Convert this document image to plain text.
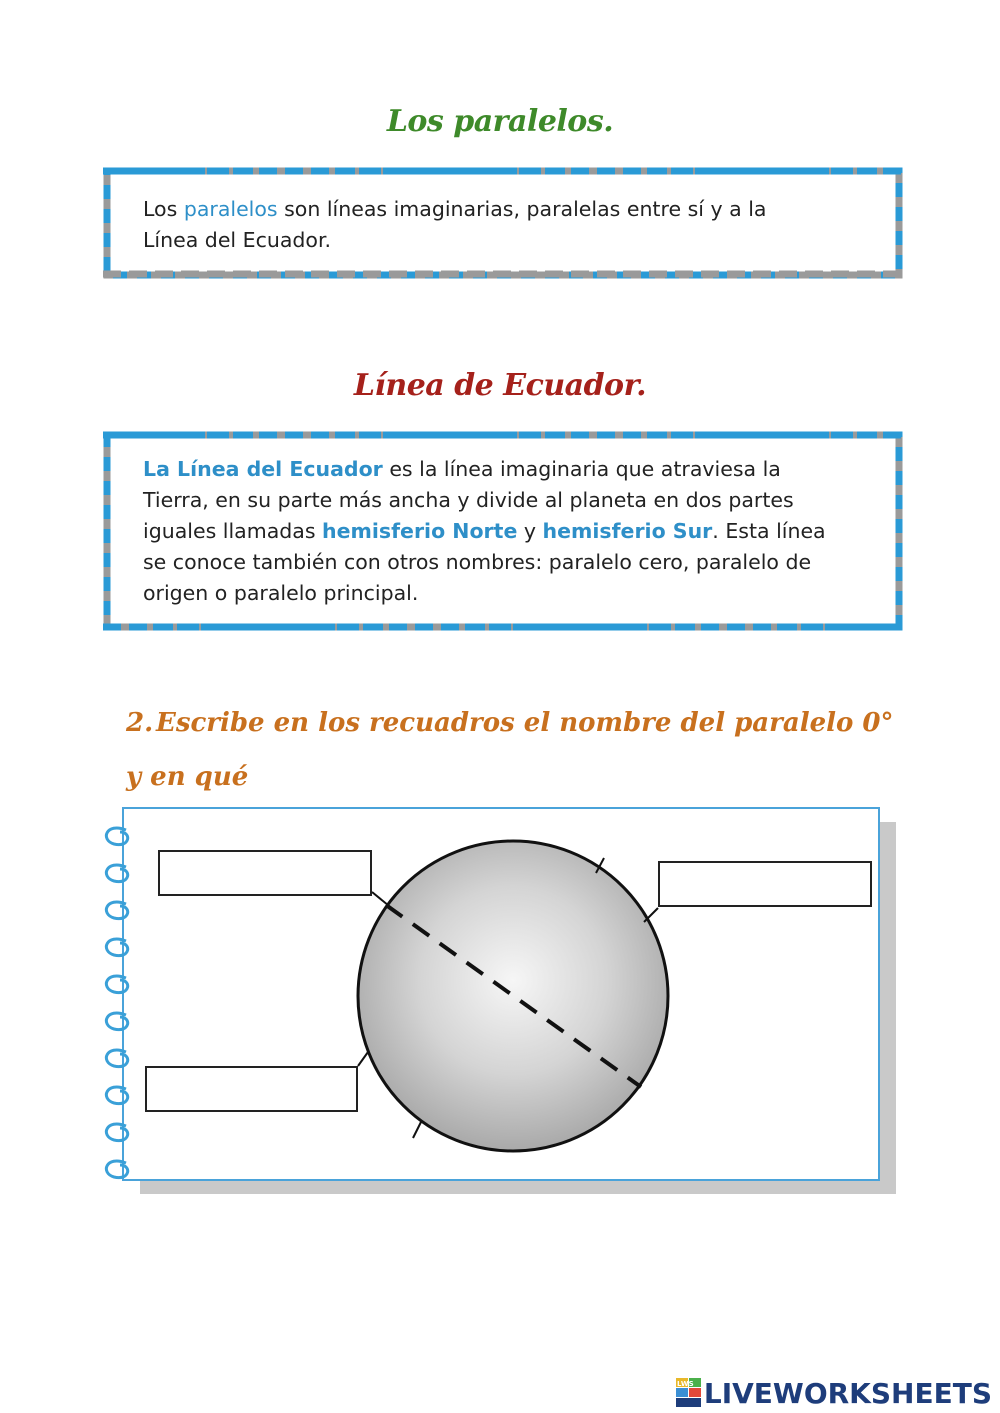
Los paralelos.
Los paralelos son líneas imaginarias, paralelas entre sí y a la
Línea del Ecuador.
Línea de Ecuador.
La Línea del Ecuador es la línea imaginaria que atraviesa la
Tierra, en su parte más ancha y divide al planeta en dos partes
iguales llamadas hemisferio Norte y hemisferio Sur. Esta línea
se conoce también con otros nombres: paralelo cero, paralelo de
origen o paralelo principal.
2. Escribe en los recuadros el nombre del paralelo 0° y en qué
LWS LIVEWORKSHEETS
